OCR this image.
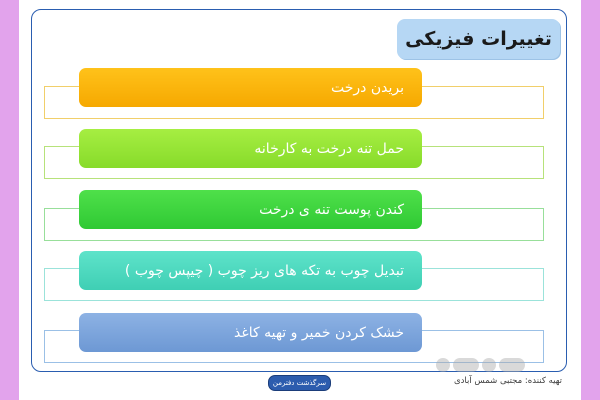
تغییرات فیزیکی
بریدن درخت
حمل تنه درخت به کارخانه
کندن پوست تنه ی درخت
تبدیل چوب به تکه های ریز چوب ( چیپس چوب )
خشک کردن خمیر و تهیه کاغذ
سرگذشت دفترمن	تهیه کننده: مجتبی شمس آبادی
